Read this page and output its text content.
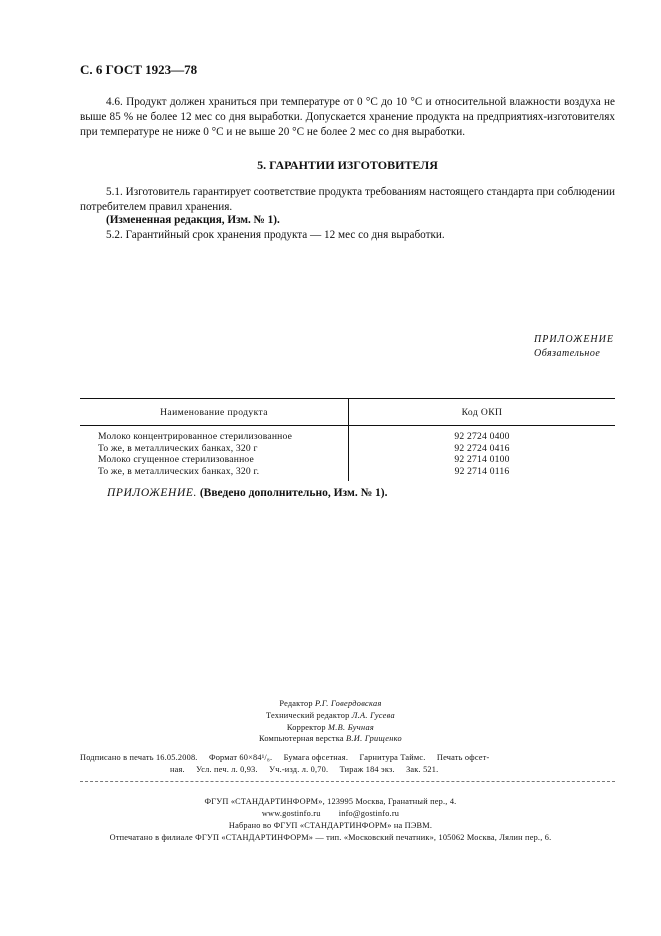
С. 6 ГОСТ 1923—78
4.6. Продукт должен храниться при температуре от 0 °С до 10 °С и относительной влажности воздуха не выше 85 % не более 12 мес со дня выработки. Допускается хранение продукта на предприятиях-изготовителях при температуре не ниже 0 °С и не выше 20 °С не более 2 мес со дня выработки.
5. ГАРАНТИИ ИЗГОТОВИТЕЛЯ
5.1. Изготовитель гарантирует соответствие продукта требованиям настоящего стандарта при соблюдении потребителем правил хранения.
(Измененная редакция, Изм. № 1).
5.2. Гарантийный срок хранения продукта — 12 мес со дня выработки.
ПРИЛОЖЕНИЕ
Обязательное
Наименование продукта	Код ОКП
Молоко концентрированное стерилизованное	92 2724 0400
То же, в металлических банках, 320 г	92 2724 0416
Молоко сгущенное стерилизованное	92 2714 0100
То же, в металлических банках, 320 г.	92 2714 0116
ПРИЛОЖЕНИЕ. (Введено дополнительно, Изм. № 1).
Редактор Р.Г. Говердовская
Технический редактор Л.А. Гусева
Корректор М.В. Бучная
Компьютерная верстка В.И. Грищенко
Подписано в печать 16.05.2008.     Формат 60×84¹/₈.     Бумага офсетная.     Гарнитура Таймс.     Печать офсет-
ная.     Усл. печ. л. 0,93.     Уч.-изд. л. 0,70.     Тираж 184 экз.     Зак. 521.
ФГУП «СТАНДАРТИНФОРМ», 123995 Москва, Гранатный пер., 4.
www.gostinfo.ru        info@gostinfo.ru
Набрано во ФГУП «СТАНДАРТИНФОРМ» на ПЭВМ.
Отпечатано в филиале ФГУП «СТАНДАРТИНФОРМ» — тип. «Московский печатник», 105062 Москва, Лялин пер., 6.
